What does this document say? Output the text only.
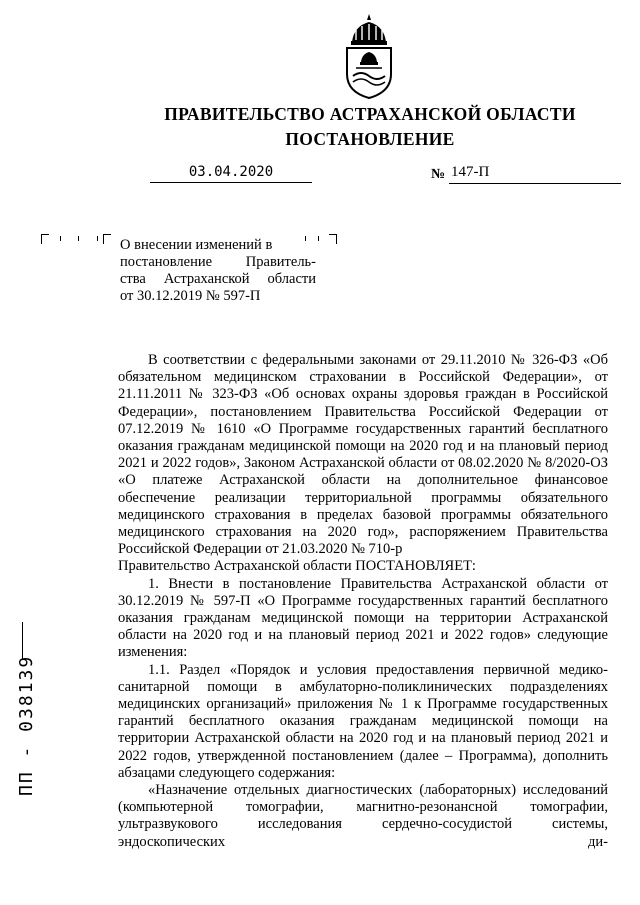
ПРАВИТЕЛЬСТВО АСТРАХАНСКОЙ ОБЛАСТИ
ПОСТАНОВЛЕНИЕ
03.04.2020	№ 147-П
О внесении изменений в
постановление Правитель-
ства Астраханской области
от 30.12.2019 № 597-П

В соответствии с федеральными законами от 29.11.2010 № 326-ФЗ «Об обязательном медицинском страховании в Российской Федерации», от 21.11.2011 № 323-ФЗ «Об основах охраны здоровья граждан в Российской Федерации», постановлением Правительства Российской Федерации от 07.12.2019 № 1610 «О Программе государственных гарантий бесплатного оказания гражданам медицинской помощи на 2020 год и на плановый период 2021 и 2022 годов», Законом Астраханской области от 08.02.2020 № 8/2020-ОЗ «О платеже Астраханской области на дополнительное финансовое обеспечение реализации территориальной программы обязательного медицинского страхования в пределах базовой программы обязательного медицинского страхования на 2020 год», распоряжением Правительства Российской Федерации от 21.03.2020 № 710-р

Правительство Астраханской области ПОСТАНОВЛЯЕТ:

1. Внести в постановление Правительства Астраханской области от 30.12.2019 № 597-П «О Программе государственных гарантий бесплатного оказания гражданам медицинской помощи на территории Астраханской области на 2020 год и на плановый период 2021 и 2022 годов» следующие изменения:

1.1. Раздел «Порядок и условия предоставления первичной медико-санитарной помощи в амбулаторно-поликлинических подразделениях медицинских организаций» приложения № 1 к Программе государственных гарантий бесплатного оказания гражданам медицинской помощи на территории Астраханской области на 2020 год и на плановый период 2021 и 2022 годов, утвержденной постановлением (далее – Программа), дополнить абзацами следующего содержания:

«Назначение отдельных диагностических (лабораторных) исследований (компьютерной томографии, магнитно-резонансной томографии, ультразвукового исследования сердечно-сосудистой системы, эндоскопических ди-

ПП - 038139
